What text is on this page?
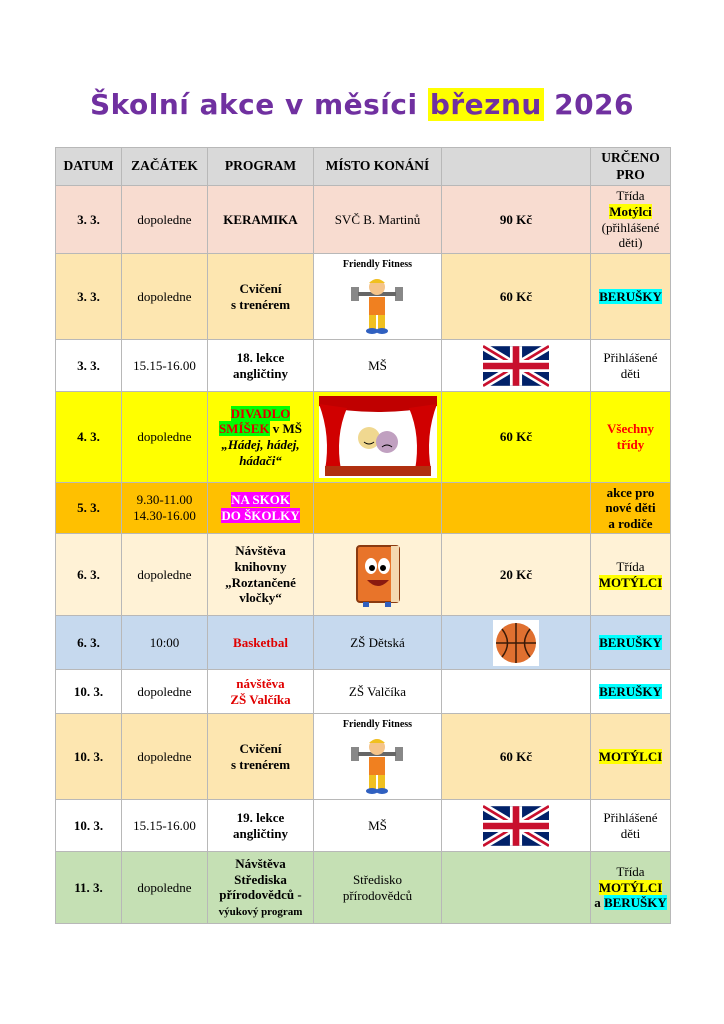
Školní akce v měsíci březnu 2026
DATUM	ZAČÁTEK	PROGRAM	MÍSTO KONÁNÍ		URČENO PRO
3. 3.	dopoledne	KERAMIKA	SVČ B. Martinů	90 Kč	Třída
Motýlci
(přihlášené děti)
3. 3.	dopoledne	Cvičení
s trenérem	Friendly Fitness	60 Kč	BERUŠKY
3. 3.	15.15-16.00	18. lekce
angličtiny	MŠ		Přihlášené
děti
4. 3.	dopoledne	DIVADLO
SMÍŠEK v MŠ
„Hádej, hádej,
hádači“		60 Kč	Všechny
třídy
5. 3.	9.30-11.00
14.30-16.00	NA SKOK
DO ŠKOLKY			akce pro
nové děti
a rodiče
6. 3.	dopoledne	Návštěva
knihovny
„Roztančené
vločky“		20 Kč	Třída
MOTÝLCI
6. 3.	10:00	Basketbal	ZŠ Dětská		BERUŠKY
10. 3.	dopoledne	návštěva
ZŠ Valčíka	ZŠ Valčíka		BERUŠKY
10. 3.	dopoledne	Cvičení
s trenérem	Friendly Fitness	60 Kč	MOTÝLCI
10. 3.	15.15-16.00	19. lekce
angličtiny	MŠ		Přihlášené
děti
11. 3.	dopoledne	Návštěva
Střediska
přírodovědců -
výukový program	Středisko
přírodovědců		Třída
MOTÝLCI
a BERUŠKY
